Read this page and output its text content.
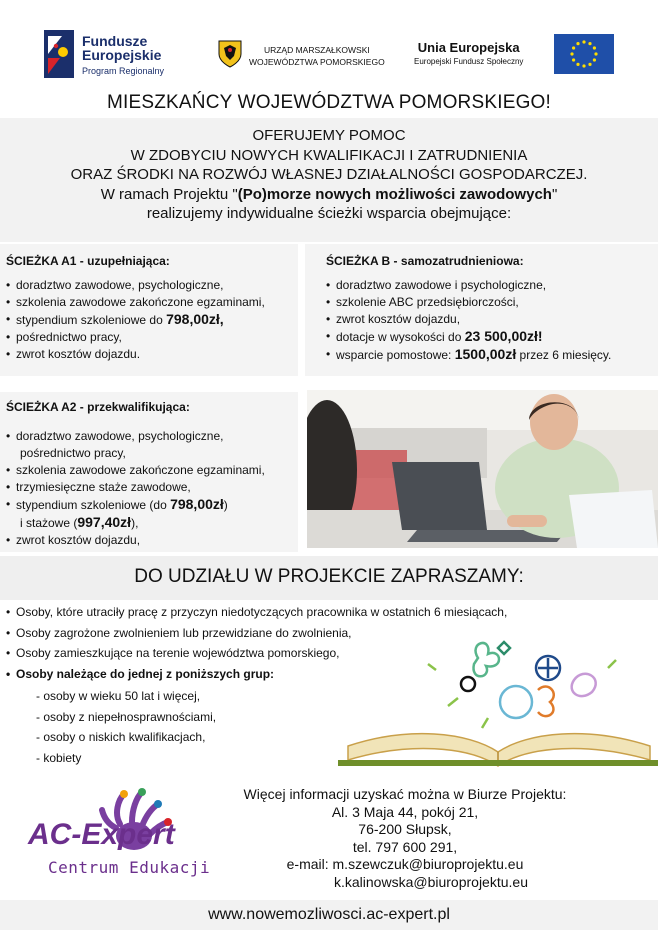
Fundusze
Europejskie
Program Regionalny
URZĄD MARSZAŁKOWSKI
WOJEWÓDZTWA POMORSKIEGO
Unia Europejska
Europejski Fundusz Społeczny
MIESZKAŃCY WOJEWÓDZTWA POMORSKIEGO!
OFERUJEMY POMOC
W ZDOBYCIU NOWYCH KWALIFIKACJI I ZATRUDNIENIA
ORAZ ŚRODKI NA ROZWÓJ WŁASNEJ DZIAŁALNOŚCI GOSPODARCZEJ.
W ramach Projektu "(Po)morze nowych możliwości zawodowych"
realizujemy indywidualne ścieżki wsparcia obejmujące:
ŚCIEŻKA A1 - uzupełniająca:
• doradztwo zawodowe, psychologiczne,
• szkolenia zawodowe zakończone egzaminami,
• stypendium szkoleniowe do 798,00zł,
• pośrednictwo pracy,
• zwrot kosztów dojazdu.
ŚCIEŻKA B - samozatrudnieniowa:
• doradztwo zawodowe i psychologiczne,
• szkolenie ABC przedsiębiorczości,
• zwrot kosztów dojazdu,
• dotacje w wysokości do 23 500,00zł!
• wsparcie pomostowe: 1500,00zł przez 6 miesięcy.
ŚCIEŻKA A2 - przekwalifikująca:
• doradztwo zawodowe, psychologiczne,
pośrednictwo pracy,
• szkolenia zawodowe zakończone egzaminami,
• trzymiesięczne staże zawodowe,
• stypendium szkoleniowe (do 798,00zł)
i stażowe (997,40zł),
• zwrot kosztów dojazdu,
DO UDZIAŁU W PROJEKCIE ZAPRASZAMY:
• Osoby, które utraciły pracę z przyczyn niedotyczących pracownika w ostatnich 6 miesiącach,
• Osoby zagrożone zwolnieniem lub przewidziane do zwolnienia,
• Osoby zamieszkujące na terenie województwa pomorskiego,
• Osoby należące do jednej z poniższych grup:
- osoby w wieku 50 lat i więcej,
- osoby z niepełnosprawnościami,
- osoby o niskich kwalifikacjach,
- kobiety
AC-Expert
Centrum Edukacji
Więcej informacji uzyskać można w Biurze Projektu:
Al. 3 Maja 44, pokój 21,
76-200 Słupsk,
tel. 797 600 291,
e-mail: m.szewczuk@biuroprojektu.eu
k.kalinowska@biuroprojektu.eu
www.nowemozliwosci.ac-expert.pl
